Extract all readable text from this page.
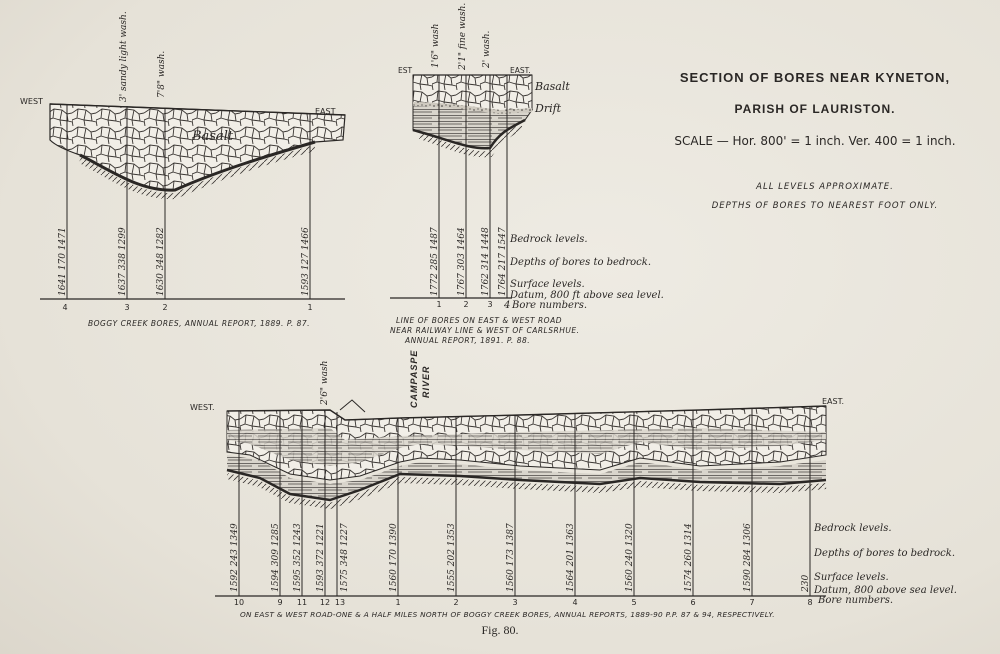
SECTION OF BORES NEAR KYNETON,
PARISH OF LAURISTON.
SCALE — Hor. 800' = 1 inch. Ver. 400 = 1 inch.
ALL LEVELS APPROXIMATE.
DEPTHS OF BORES TO NEAREST FOOT ONLY.
WEST
EAST
Basalt
3' sandy light wash.	7'8" wash.
1641 170 1471	1637 338 1299	1630 348 1282	1593 127 1466
4	3	2	1
BOGGY CREEK BORES, ANNUAL REPORT, 1889. P. 87.
EST	EAST.
Basalt
Drift
1'6" wash 2'1" fine wash. 2' wash.
1772 285 1487 1767 303 1464 1762 314 1448 1764 217 1547
1	2 3
Bedrock levels.
Depths of bores to bedrock.
Surface levels.
Datum, 800 ft above sea level.
4 Bore numbers.
LINE OF BORES ON EAST & WEST ROAD
NEAR RAILWAY LINE & WEST OF CARLSRHUE.
ANNUAL REPORT, 1891. P. 88.
WEST.
EAST.
CAMPASPE RIVER
2'6" wash
1592 243 1349	1594 309 1285 1595 352 1243 1593 372 1221 1575 348 1227	1560 170 1390	1555 202 1353	1560 173 1387	1564 201 1363	1560 240 1320	1574 260 1314	1590 284 1306	230
10	9 11 12 13	1	2	3	4	5	6	7	8
Bedrock levels.
Depths of bores to bedrock.
Surface levels.
Datum, 800 above sea level.
Bore numbers.
ON EAST & WEST ROAD-ONE & A HALF MILES NORTH OF BOGGY CREEK BORES, ANNUAL REPORTS, 1889-90 P.P. 87 & 94, RESPECTIVELY.
Fig. 80.
